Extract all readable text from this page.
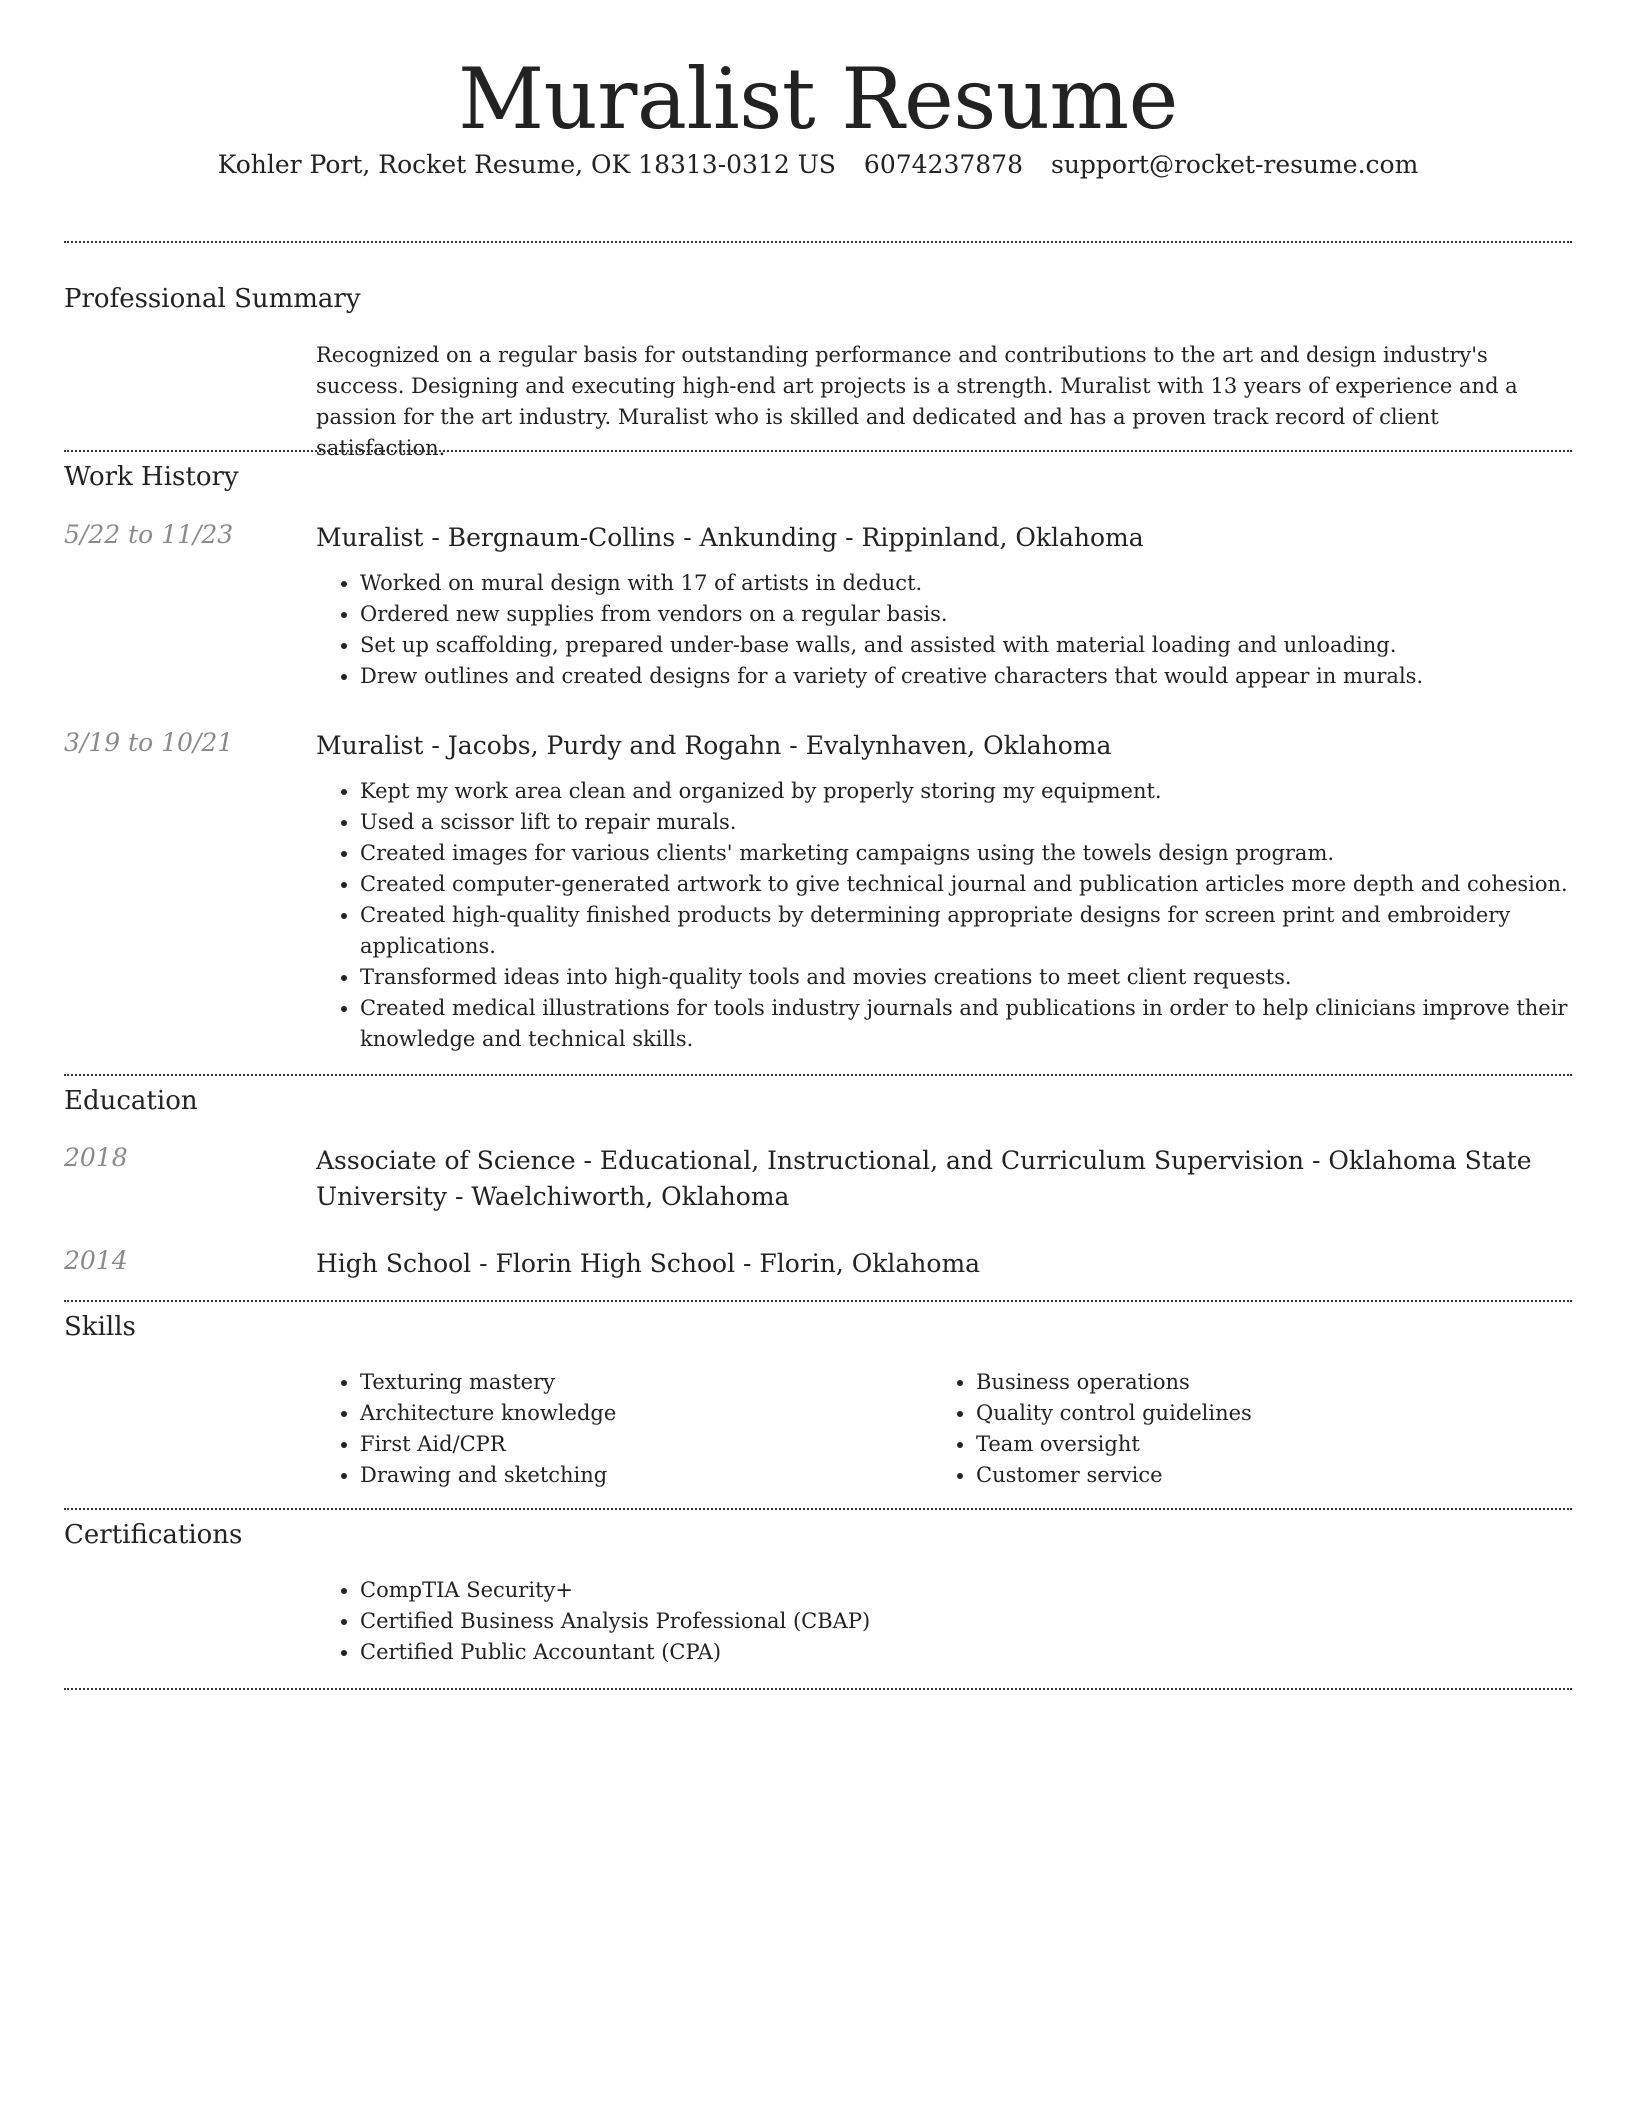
Muralist Resume
Kohler Port, Rocket Resume, OK 18313-0312 US 6074237878 support@rocket-resume.com
Professional Summary
Recognized on a regular basis for outstanding performance and contributions to the art and design industry's success. Designing and executing high-end art projects is a strength. Muralist with 13 years of experience and a passion for the art industry. Muralist who is skilled and dedicated and has a proven track record of client satisfaction.
Work History
5/22 to 11/23	Muralist - Bergnaum-Collins - Ankunding - Rippinland, Oklahoma
• Worked on mural design with 17 of artists in deduct.
• Ordered new supplies from vendors on a regular basis.
• Set up scaffolding, prepared under-base walls, and assisted with material loading and unloading.
• Drew outlines and created designs for a variety of creative characters that would appear in murals.
3/19 to 10/21	Muralist - Jacobs, Purdy and Rogahn - Evalynhaven, Oklahoma
• Kept my work area clean and organized by properly storing my equipment.
• Used a scissor lift to repair murals.
• Created images for various clients' marketing campaigns using the towels design program.
• Created computer-generated artwork to give technical journal and publication articles more depth and cohesion.
• Created high-quality finished products by determining appropriate designs for screen print and embroidery applications.
• Transformed ideas into high-quality tools and movies creations to meet client requests.
• Created medical illustrations for tools industry journals and publications in order to help clinicians improve their knowledge and technical skills.
Education
2018	Associate of Science - Educational, Instructional, and Curriculum Supervision - Oklahoma State University - Waelchiworth, Oklahoma
2014	High School - Florin High School - Florin, Oklahoma
Skills
• Texturing mastery
• Architecture knowledge
• First Aid/CPR
• Drawing and sketching
• Business operations
• Quality control guidelines
• Team oversight
• Customer service
Certifications
• CompTIA Security+
• Certified Business Analysis Professional (CBAP)
• Certified Public Accountant (CPA)
